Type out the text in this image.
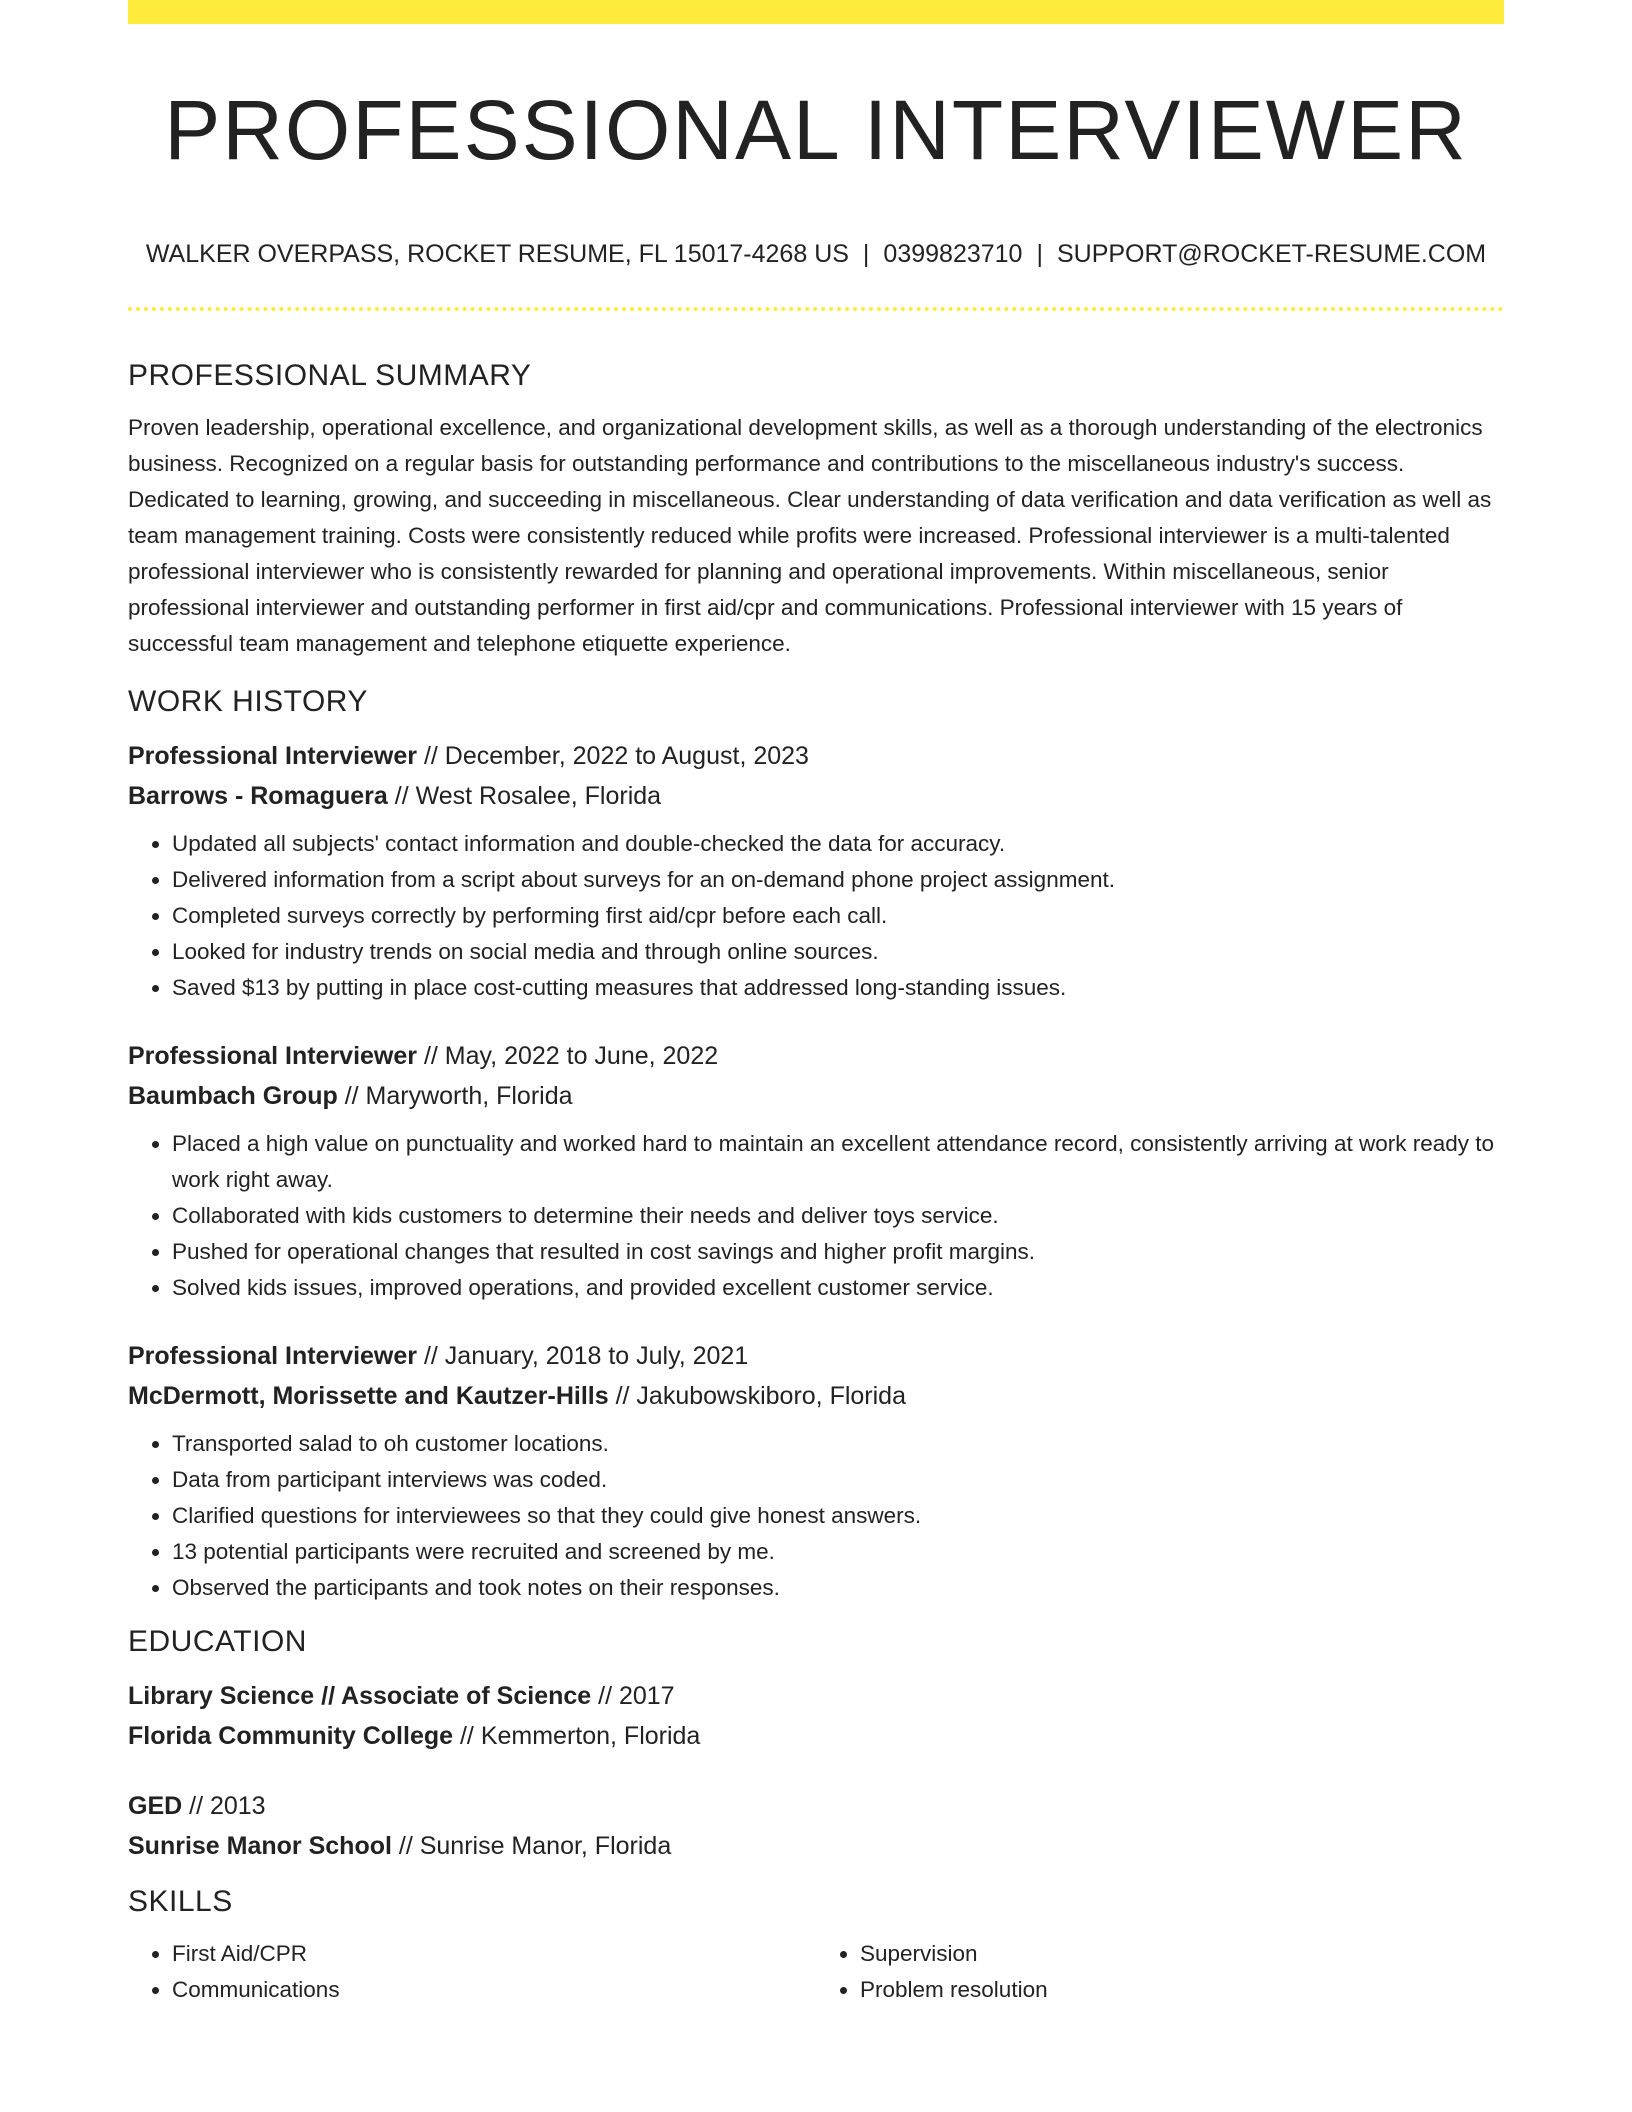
PROFESSIONAL INTERVIEWER
WALKER OVERPASS, ROCKET RESUME, FL 15017-4268 US | 0399823710 | SUPPORT@ROCKET-RESUME.COM
PROFESSIONAL SUMMARY

Proven leadership, operational excellence, and organizational development skills, as well as a thorough understanding of the electronics business. Recognized on a regular basis for outstanding performance and contributions to the miscellaneous industry's success. Dedicated to learning, growing, and succeeding in miscellaneous. Clear understanding of data verification and data verification as well as team management training. Costs were consistently reduced while profits were increased. Professional interviewer is a multi-talented professional interviewer who is consistently rewarded for planning and operational improvements. Within miscellaneous, senior professional interviewer and outstanding performer in first aid/cpr and communications. Professional interviewer with 15 years of successful team management and telephone etiquette experience.

WORK HISTORY
Professional Interviewer // December, 2022 to August, 2023
Barrows - Romaguera // West Rosalee, Florida
• Updated all subjects' contact information and double-checked the data for accuracy.
• Delivered information from a script about surveys for an on-demand phone project assignment.
• Completed surveys correctly by performing first aid/cpr before each call.
• Looked for industry trends on social media and through online sources.
• Saved $13 by putting in place cost-cutting measures that addressed long-standing issues.
Professional Interviewer // May, 2022 to June, 2022
Baumbach Group // Maryworth, Florida
• Placed a high value on punctuality and worked hard to maintain an excellent attendance record, consistently arriving at work ready to work right away.
• Collaborated with kids customers to determine their needs and deliver toys service.
• Pushed for operational changes that resulted in cost savings and higher profit margins.
• Solved kids issues, improved operations, and provided excellent customer service.
Professional Interviewer // January, 2018 to July, 2021
McDermott, Morissette and Kautzer-Hills // Jakubowskiboro, Florida
• Transported salad to oh customer locations.
• Data from participant interviews was coded.
• Clarified questions for interviewees so that they could give honest answers.
• 13 potential participants were recruited and screened by me.
• Observed the participants and took notes on their responses.
EDUCATION
Library Science // Associate of Science // 2017
Florida Community College // Kemmerton, Florida
GED // 2013
Sunrise Manor School // Sunrise Manor, Florida
SKILLS
• First Aid/CPR
• Communications
• Supervision
• Problem resolution
